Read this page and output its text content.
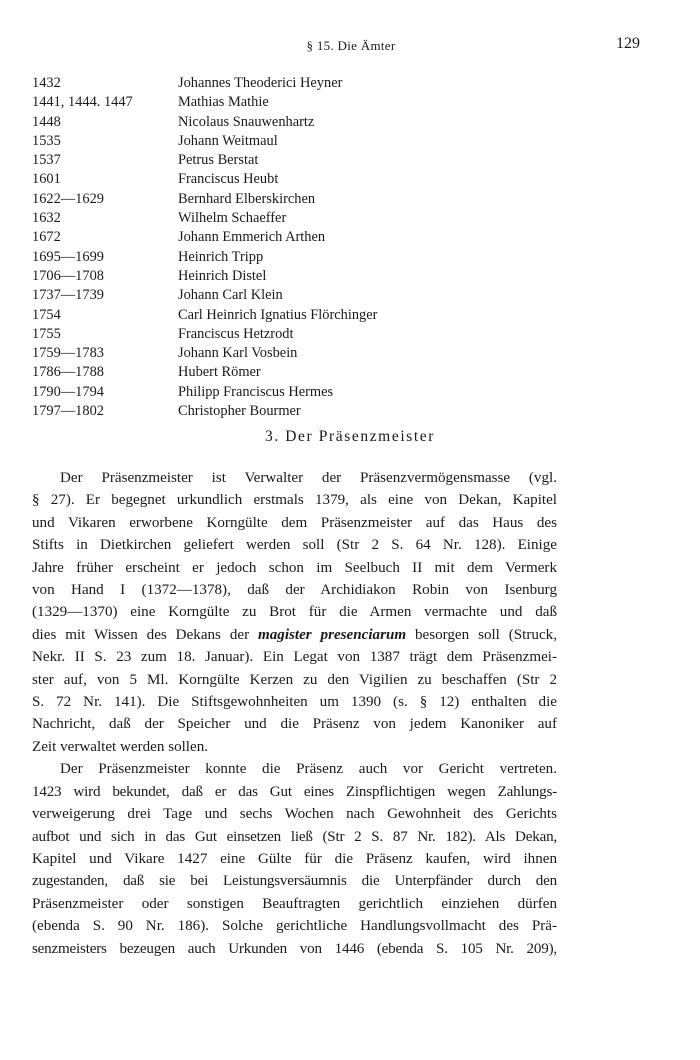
§ 15. Die Ämter	129
1432	Johannes Theoderici Heyner
1441, 1444. 1447	Mathias Mathie
1448	Nicolaus Snauwenhartz
1535	Johann Weitmaul
1537	Petrus Berstat
1601	Franciscus Heubt
1622—1629	Bernhard Elberskirchen
1632	Wilhelm Schaeffer
1672	Johann Emmerich Arthen
1695—1699	Heinrich Tripp
1706—1708	Heinrich Distel
1737—1739	Johann Carl Klein
1754	Carl Heinrich Ignatius Flörchinger
1755	Franciscus Hetzrodt
1759—1783	Johann Karl Vosbein
1786—1788	Hubert Römer
1790—1794	Philipp Franciscus Hermes
1797—1802	Christopher Bourmer
3. Der Präsenzmeister
Der Präsenzmeister ist Verwalter der Präsenzvermögensmasse (vgl.
§ 27). Er begegnet urkundlich erstmals 1379, als eine von Dekan, Kapitel
und Vikaren erworbene Korngülte dem Präsenzmeister auf das Haus des
Stifts in Dietkirchen geliefert werden soll (Str 2 S. 64 Nr. 128). Einige
Jahre früher erscheint er jedoch schon im Seelbuch II mit dem Vermerk
von Hand I (1372—1378), daß der Archidiakon Robin von Isenburg
(1329—1370) eine Korngülte zu Brot für die Armen vermachte und daß
dies mit Wissen des Dekans der magister presenciarum besorgen soll (Struck,
Nekr. II S. 23 zum 18. Januar). Ein Legat von 1387 trägt dem Präsenzmei-
ster auf, von 5 Ml. Korngülte Kerzen zu den Vigilien zu beschaffen (Str 2
S. 72 Nr. 141). Die Stiftsgewohnheiten um 1390 (s. § 12) enthalten die
Nachricht, daß der Speicher und die Präsenz von jedem Kanoniker auf
Zeit verwaltet werden sollen.
Der Präsenzmeister konnte die Präsenz auch vor Gericht vertreten.
1423 wird bekundet, daß er das Gut eines Zinspflichtigen wegen Zahlungs-
verweigerung drei Tage und sechs Wochen nach Gewohnheit des Gerichts
aufbot und sich in das Gut einsetzen ließ (Str 2 S. 87 Nr. 182). Als Dekan,
Kapitel und Vikare 1427 eine Gülte für die Präsenz kaufen, wird ihnen
zugestanden, daß sie bei Leistungsversäumnis die Unterpfänder durch den
Präsenzmeister oder sonstigen Beauftragten gerichtlich einziehen dürfen
(ebenda S. 90 Nr. 186). Solche gerichtliche Handlungsvollmacht des Prä-
senzmeisters bezeugen auch Urkunden von 1446 (ebenda S. 105 Nr. 209),
